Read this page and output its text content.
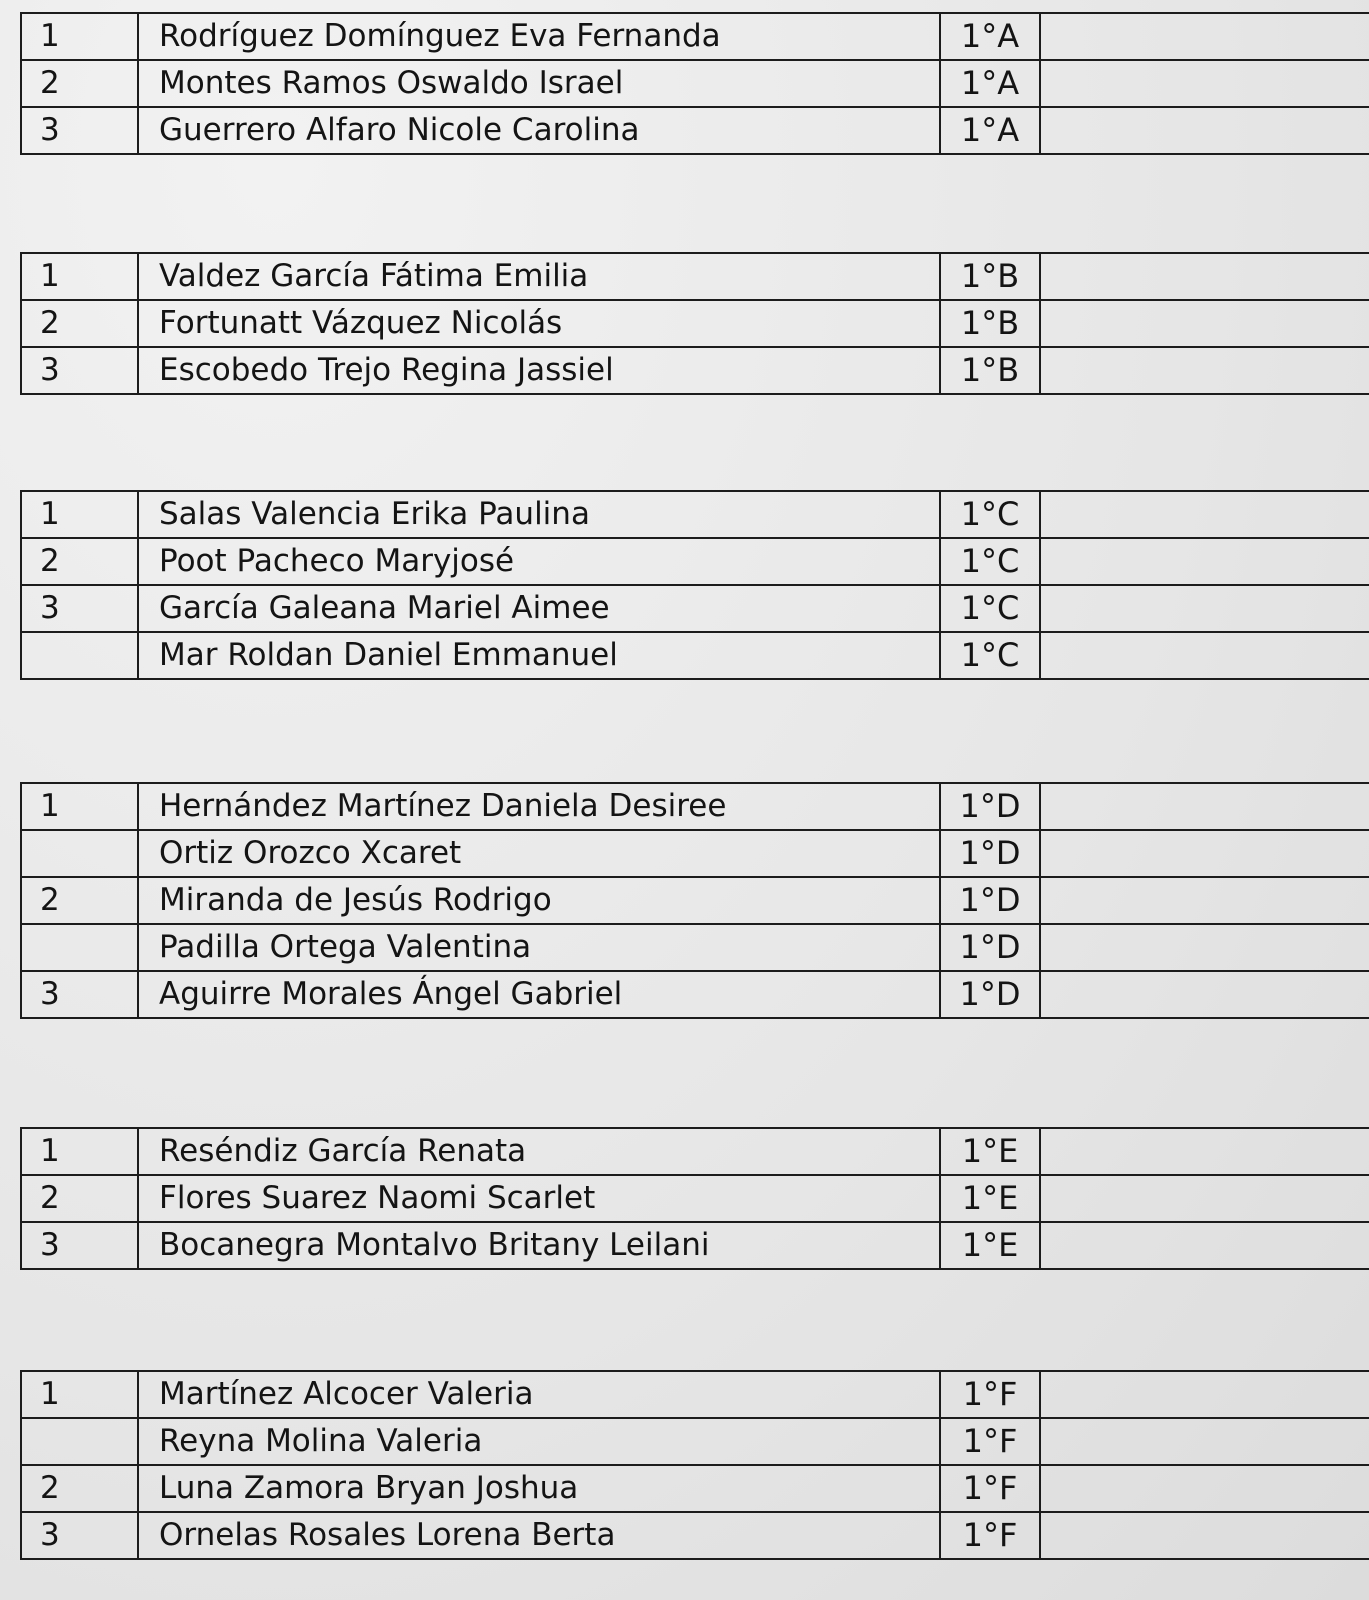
1	Rodríguez Domínguez Eva Fernanda	1°A	
2	Montes Ramos Oswaldo Israel	1°A	
3	Guerrero Alfaro Nicole Carolina	1°A	
1	Valdez García Fátima Emilia	1°B	
2	Fortunatt Vázquez Nicolás	1°B	
3	Escobedo Trejo Regina Jassiel	1°B	
1	Salas Valencia Erika Paulina	1°C	
2	Poot Pacheco Maryjosé	1°C	
3	García Galeana Mariel Aimee	1°C	
	Mar Roldan Daniel Emmanuel	1°C	
1	Hernández Martínez Daniela Desiree	1°D	
	Ortiz Orozco Xcaret	1°D	
2	Miranda de Jesús Rodrigo	1°D	
	Padilla Ortega Valentina	1°D	
3	Aguirre Morales Ángel Gabriel	1°D	
1	Reséndiz García Renata	1°E	
2	Flores Suarez Naomi Scarlet	1°E	
3	Bocanegra Montalvo Britany Leilani	1°E	
1	Martínez Alcocer Valeria	1°F	
	Reyna Molina Valeria	1°F	
2	Luna Zamora Bryan Joshua	1°F	
3	Ornelas Rosales Lorena Berta	1°F	
